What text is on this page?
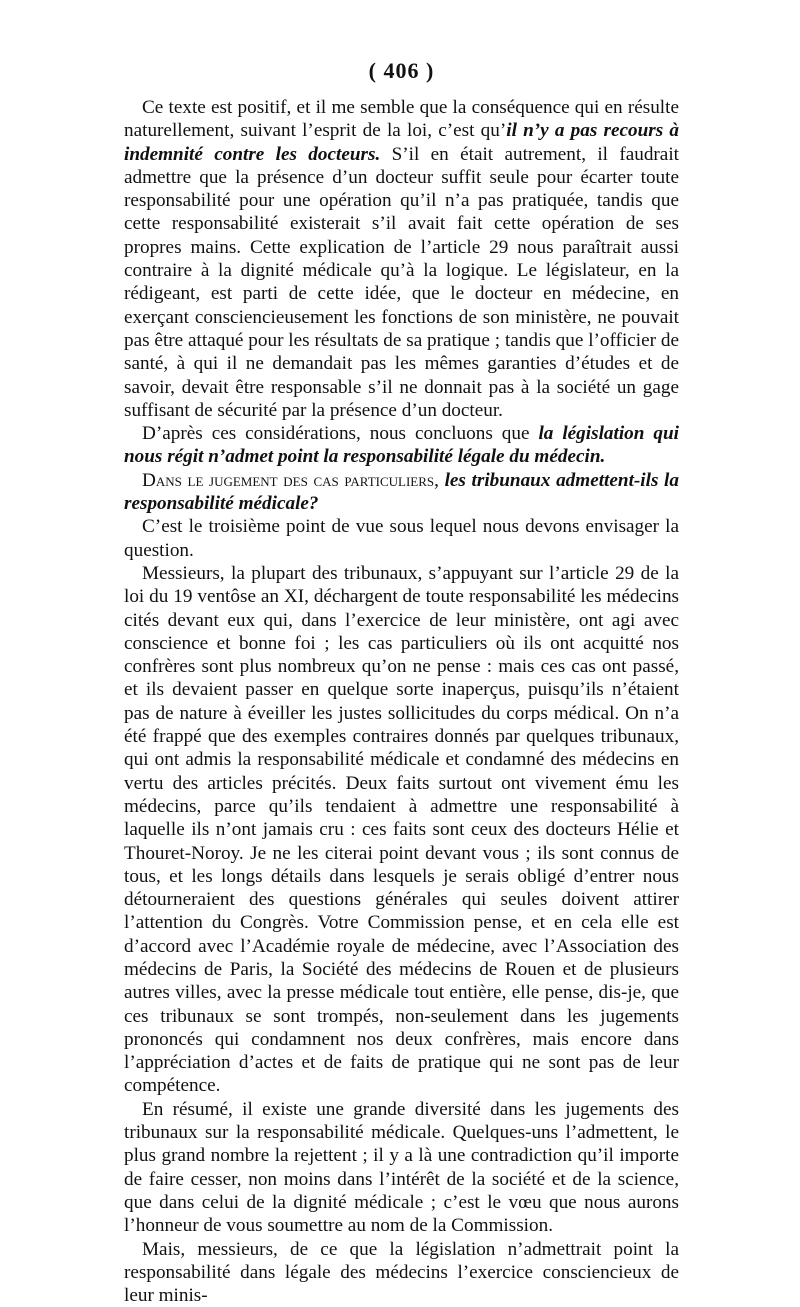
( 406 )

Ce texte est positif, et il me semble que la conséquence qui en résulte naturellement, suivant l’esprit de la loi, c’est qu’il n’y a pas recours à indemnité contre les docteurs. S’il en était autrement, il faudrait admettre que la présence d’un docteur suffit seule pour écarter toute responsabilité pour une opération qu’il n’a pas pratiquée, tandis que cette responsabilité existerait s’il avait fait cette opération de ses propres mains. Cette explication de l’article 29 nous paraîtrait aussi contraire à la dignité médicale qu’à la logique. Le législateur, en la rédigeant, est parti de cette idée, que le docteur en médecine, en exerçant consciencieusement les fonctions de son ministère, ne pouvait pas être attaqué pour les résultats de sa pratique ; tandis que l’officier de santé, à qui il ne demandait pas les mêmes garanties d’études et de savoir, devait être responsable s’il ne donnait pas à la société un gage suffisant de sécurité par la présence d’un docteur.

D’après ces considérations, nous concluons que la législation qui nous régit n’admet point la responsabilité légale du médecin.

Dans le jugement des cas particuliers, les tribunaux admettent-ils la responsabilité médicale?

C’est le troisième point de vue sous lequel nous devons envisager la question.

Messieurs, la plupart des tribunaux, s’appuyant sur l’article 29 de la loi du 19 ventôse an XI, déchargent de toute responsabilité les médecins cités devant eux qui, dans l’exercice de leur ministère, ont agi avec conscience et bonne foi ; les cas particuliers où ils ont acquitté nos confrères sont plus nombreux qu’on ne pense : mais ces cas ont passé, et ils devaient passer en quelque sorte inaperçus, puisqu’ils n’étaient pas de nature à éveiller les justes sollicitudes du corps médical. On n’a été frappé que des exemples contraires donnés par quelques tribunaux, qui ont admis la responsabilité médicale et condamné des médecins en vertu des articles précités. Deux faits surtout ont vivement ému les médecins, parce qu’ils tendaient à admettre une responsabilité à laquelle ils n’ont jamais cru : ces faits sont ceux des docteurs Hélie et Thouret-Noroy. Je ne les citerai point devant vous ; ils sont connus de tous, et les longs détails dans lesquels je serais obligé d’entrer nous détourneraient des questions générales qui seules doivent attirer l’attention du Congrès. Votre Commission pense, et en cela elle est d’accord avec l’Académie royale de médecine, avec l’Association des médecins de Paris, la Société des médecins de Rouen et de plusieurs autres villes, avec la presse médicale tout entière, elle pense, dis-je, que ces tribunaux se sont trompés, non-seulement dans les jugements prononcés qui condamnent nos deux confrères, mais encore dans l’appréciation d’actes et de faits de pratique qui ne sont pas de leur compétence.

En résumé, il existe une grande diversité dans les jugements des tribunaux sur la responsabilité médicale. Quelques-uns l’admettent, le plus grand nombre la rejettent ; il y a là une contradiction qu’il importe de faire cesser, non moins dans l’intérêt de la société et de la science, que dans celui de la dignité médicale ; c’est le vœu que nous aurons l’honneur de vous soumettre au nom de la Commission.

Mais, messieurs, de ce que la législation n’admettrait point la responsabilité dans légale des médecins l’exercice consciencieux de leur minis-
